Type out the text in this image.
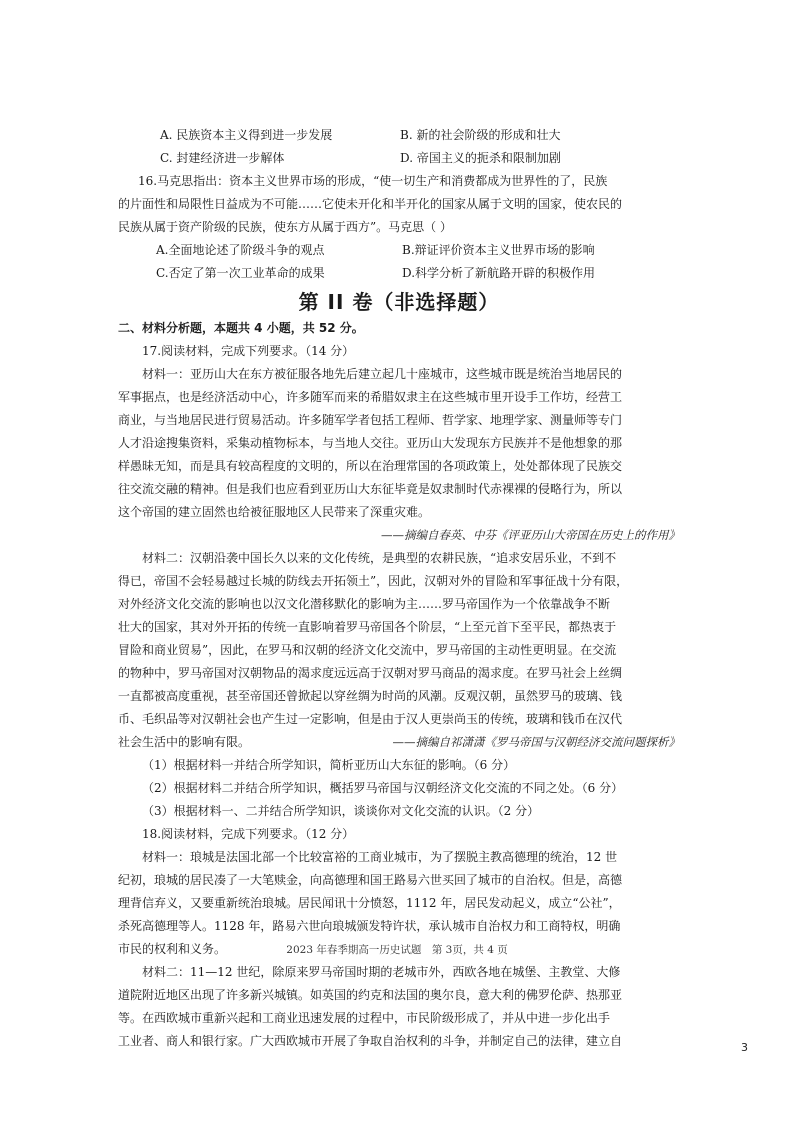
A. 民族资本主义得到进一步发展	B. 新的社会阶级的形成和壮大
C. 封建经济进一步解体	D. 帝国主义的扼杀和限制加剧

16.马克思指出：资本主义世界市场的形成，“使一切生产和消费都成为世界性的了，民族

的片面性和局限性日益成为不可能……它使未开化和半开化的国家从属于文明的国家，使农民的

民族从属于资产阶级的民族，使东方从属于西方”。马克思（ ）

A.全面地论述了阶级斗争的观点	B.辩证评价资本主义世界市场的影响
C.否定了第一次工业革命的成果	D.科学分析了新航路开辟的积极作用
第 II 卷（非选择题）

二、材料分析题，本题共 4 小题，共 52 分。

17.阅读材料，完成下列要求。（14 分）

材料一：亚历山大在东方被征服各地先后建立起几十座城市，这些城市既是统治当地居民的

军事据点，也是经济活动中心，许多随军而来的希腊奴隶主在这些城市里开设手工作坊，经营工

商业，与当地居民进行贸易活动。许多随军学者包括工程师、哲学家、地理学家、测量师等专门

人才沿途搜集资料，采集动植物标本，与当地人交往。亚历山大发现东方民族并不是他想象的那

样愚昧无知，而是具有较高程度的文明的，所以在治理常国的各项政策上，处处都体现了民族交

往交流交融的精神。但是我们也应看到亚历山大东征毕竟是奴隶制时代赤裸裸的侵略行为，所以

这个帝国的建立固然也给被征服地区人民带来了深重灾难。

——摘编自春英、中芬《评亚历山大帝国在历史上的作用》

材料二：汉朝沿袭中国长久以来的文化传统，是典型的农耕民族，“追求安居乐业，不到不

得已，帝国不会轻易越过长城的防线去开拓领土”，因此，汉朝对外的冒险和军事征战十分有限，

对外经济文化交流的影响也以汉文化潜移默化的影响为主……罗马帝国作为一个依靠战争不断

壮大的国家，其对外开拓的传统一直影响着罗马帝国各个阶层，“上至元首下至平民，都热衷于

冒险和商业贸易”，因此，在罗马和汉朝的经济文化交流中，罗马帝国的主动性更明显。在交流

的物种中，罗马帝国对汉朝物品的渴求度远远高于汉朝对罗马商品的渴求度。在罗马社会上丝绸

一直都被高度重视，甚至帝国还曾掀起以穿丝绸为时尚的风潮。反观汉朝，虽然罗马的玻璃、钱

币、毛织品等对汉朝社会也产生过一定影响，但是由于汉人更崇尚玉的传统，玻璃和钱币在汉代

社会生活中的影响有限。	——摘编自祁潇潇《罗马帝国与汉朝经济交流问题探析》

（1）根据材料一并结合所学知识，简析亚历山大东征的影响。（6 分）

（2）根据材料二并结合所学知识，概括罗马帝国与汉朝经济文化交流的不同之处。（6 分）

（3）根据材料一、二并结合所学知识，谈谈你对文化交流的认识。（2 分）

18.阅读材料，完成下列要求。（12 分）

材料一：琅城是法国北部一个比较富裕的工商业城市，为了摆脱主教高德理的统治，12 世

纪初，琅城的居民凑了一大笔赎金，向高德理和国王路易六世买回了城市的自治权。但是，高德

理背信弃义，又要重新统治琅城。居民闻讯十分愤怒，1112 年，居民发动起义，成立“公社”，

杀死高德理等人。1128 年，路易六世向琅城颁发特许状，承认城市自治权力和工商特权，明确

市民的权利和义务。

材料二：11—12 世纪，除原来罗马帝国时期的老城市外，西欧各地在城堡、主教堂、大修

道院附近地区出现了许多新兴城镇。如英国的约克和法国的奥尔良，意大利的佛罗伦萨、热那亚

等。在西欧城市重新兴起和工商业迅速发展的过程中，市民阶级形成了，并从中进一步化出手

工业者、商人和银行家。广大西欧城市开展了争取自治权利的斗争，并制定自己的法律，建立自

2023 年春季期高一历史试题　第 3页，共 4 页
3
